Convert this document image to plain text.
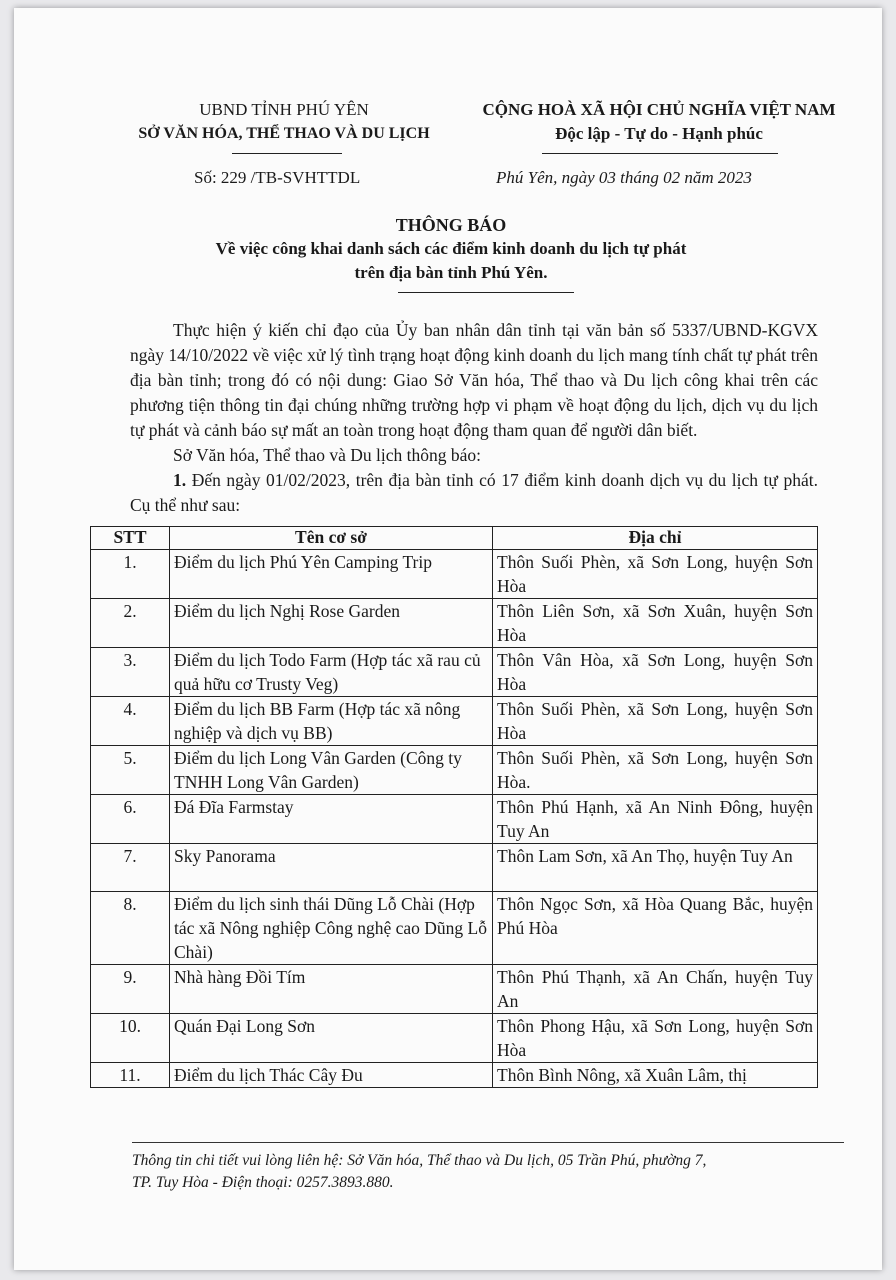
UBND TỈNH PHÚ YÊN
SỞ VĂN HÓA, THỂ THAO VÀ DU LỊCH
CỘNG HOÀ XÃ HỘI CHỦ NGHĨA VIỆT NAM
Độc lập - Tự do - Hạnh phúc
Số: 229 /TB-SVHTTDL	Phú Yên, ngày 03 tháng 02 năm 2023
THÔNG BÁO
Về việc công khai danh sách các điểm kinh doanh du lịch tự phát
trên địa bàn tỉnh Phú Yên.

Thực hiện ý kiến chỉ đạo của Ủy ban nhân dân tỉnh tại văn bản số 5337/UBND-KGVX ngày 14/10/2022 về việc xử lý tình trạng hoạt động kinh doanh du lịch mang tính chất tự phát trên địa bàn tỉnh; trong đó có nội dung: Giao Sở Văn hóa, Thể thao và Du lịch công khai trên các phương tiện thông tin đại chúng những trường hợp vi phạm về hoạt động du lịch, dịch vụ du lịch tự phát và cảnh báo sự mất an toàn trong hoạt động tham quan để người dân biết.

Sở Văn hóa, Thể thao và Du lịch thông báo:

1. Đến ngày 01/02/2023, trên địa bàn tỉnh có 17 điểm kinh doanh dịch vụ du lịch tự phát. Cụ thể như sau:

STT	Tên cơ sở	Địa chỉ
1.	Điểm du lịch Phú Yên Camping Trip	Thôn Suối Phèn, xã Sơn Long, huyện Sơn Hòa
2.	Điểm du lịch Nghị Rose Garden	Thôn Liên Sơn, xã Sơn Xuân, huyện Sơn Hòa
3.	Điểm du lịch Todo Farm (Hợp tác xã rau củ quả hữu cơ Trusty Veg)	Thôn Vân Hòa, xã Sơn Long, huyện Sơn Hòa
4.	Điểm du lịch BB Farm (Hợp tác xã nông nghiệp và dịch vụ BB)	Thôn Suối Phèn, xã Sơn Long, huyện Sơn Hòa
5.	Điểm du lịch Long Vân Garden (Công ty TNHH Long Vân Garden)	Thôn Suối Phèn, xã Sơn Long, huyện Sơn Hòa.
6.	Đá Đĩa Farmstay	Thôn Phú Hạnh, xã An Ninh Đông, huyện Tuy An
7.	Sky Panorama	Thôn Lam Sơn, xã An Thọ, huyện Tuy An
8.	Điểm du lịch sinh thái Dũng Lỗ Chài (Hợp tác xã Nông nghiệp Công nghệ cao Dũng Lỗ Chài)	Thôn Ngọc Sơn, xã Hòa Quang Bắc, huyện Phú Hòa
9.	Nhà hàng Đồi Tím	Thôn Phú Thạnh, xã An Chấn, huyện Tuy An
10.	Quán Đại Long Sơn	Thôn Phong Hậu, xã Sơn Long, huyện Sơn Hòa
11.	Điểm du lịch Thác Cây Đu	Thôn Bình Nông, xã Xuân Lâm, thị
Thông tin chi tiết vui lòng liên hệ: Sở Văn hóa, Thể thao và Du lịch, 05 Trần Phú, phường 7,
TP. Tuy Hòa - Điện thoại: 0257.3893.880.
